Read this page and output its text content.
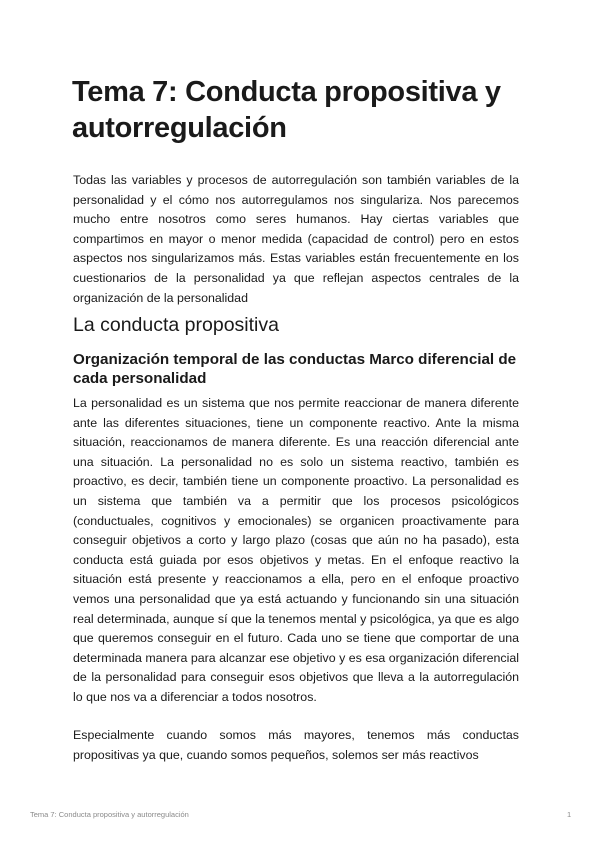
Tema 7: Conducta propositiva y autorregulación

Todas las variables y procesos de autorregulación son también variables de la personalidad y el cómo nos autorregulamos nos singulariza. Nos parecemos mucho entre nosotros como seres humanos. Hay ciertas variables que compartimos en mayor o menor medida (capacidad de control) pero en estos aspectos nos singularizamos más. Estas variables están frecuentemente en los cuestionarios de la personalidad ya que reflejan aspectos centrales de la organización de la personalidad

La conducta propositiva
Organización temporal de las conductas Marco diferencial de cada personalidad

La personalidad es un sistema que nos permite reaccionar de manera diferente ante las diferentes situaciones, tiene un componente reactivo. Ante la misma situación, reaccionamos de manera diferente. Es una reacción diferencial ante una situación. La personalidad no es solo un sistema reactivo, también es proactivo, es decir, también tiene un componente proactivo. La personalidad es un sistema que también va a permitir que los procesos psicológicos (conductuales, cognitivos y emocionales) se organicen proactivamente para conseguir objetivos a corto y largo plazo (cosas que aún no ha pasado), esta conducta está guiada por esos objetivos y metas. En el enfoque reactivo la situación está presente y reaccionamos a ella, pero en el enfoque proactivo vemos una personalidad que ya está actuando y funcionando sin una situación real determinada, aunque sí que la tenemos mental y psicológica, ya que es algo que queremos conseguir en el futuro. Cada uno se tiene que comportar de una determinada manera para alcanzar ese objetivo y es esa organización diferencial de la personalidad para conseguir esos objetivos que lleva a la autorregulación lo que nos va a diferenciar a todos nosotros.

Especialmente cuando somos más mayores, tenemos más conductas propositivas ya que, cuando somos pequeños, solemos ser más reactivos

Tema 7: Conducta propositiva y autorregulación	1
